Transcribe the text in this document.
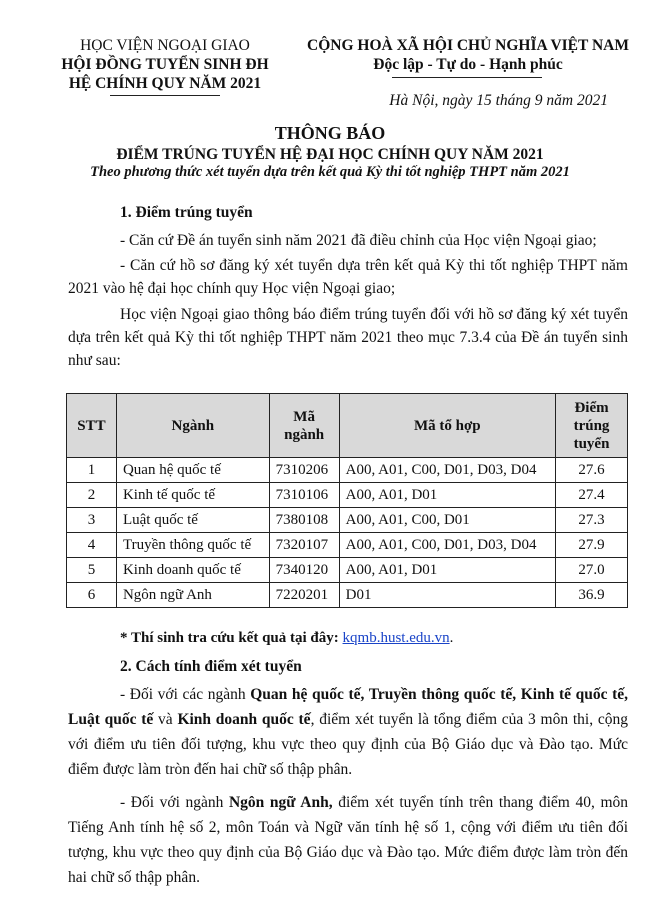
HỌC VIỆN NGOẠI GIAO
HỘI ĐỒNG TUYỂN SINH ĐH
HỆ CHÍNH QUY NĂM 2021
CỘNG HOÀ XÃ HỘI CHỦ NGHĨA VIỆT NAM
Độc lập - Tự do - Hạnh phúc
Hà Nội, ngày 15 tháng 9 năm 2021
THÔNG BÁO
ĐIỂM TRÚNG TUYỂN HỆ ĐẠI HỌC CHÍNH QUY NĂM 2021
Theo phương thức xét tuyển dựa trên kết quả Kỳ thi tốt nghiệp THPT năm 2021
1. Điểm trúng tuyển
- Căn cứ Đề án tuyển sinh năm 2021 đã điều chỉnh của Học viện Ngoại giao;
- Căn cứ hồ sơ đăng ký xét tuyển dựa trên kết quả Kỳ thi tốt nghiệp THPT năm 2021 vào hệ đại học chính quy Học viện Ngoại giao;
Học viện Ngoại giao thông báo điểm trúng tuyển đối với hồ sơ đăng ký xét tuyển dựa trên kết quả Kỳ thi tốt nghiệp THPT năm 2021 theo mục 7.3.4 của Đề án tuyển sinh như sau:
STT	Ngành	Mã ngành	Mã tổ hợp	Điểm trúng tuyển
1	Quan hệ quốc tế	7310206	A00, A01, C00, D01, D03, D04	27.6
2	Kinh tế quốc tế	7310106	A00, A01, D01	27.4
3	Luật quốc tế	7380108	A00, A01, C00, D01	27.3
4	Truyền thông quốc tế	7320107	A00, A01, C00, D01, D03, D04	27.9
5	Kinh doanh quốc tế	7340120	A00, A01, D01	27.0
6	Ngôn ngữ Anh	7220201	D01	36.9
* Thí sinh tra cứu kết quả tại đây: kqmb.hust.edu.vn.
2. Cách tính điểm xét tuyển
- Đối với các ngành Quan hệ quốc tế, Truyền thông quốc tế, Kinh tế quốc tế, Luật quốc tế và Kinh doanh quốc tế, điểm xét tuyển là tổng điểm của 3 môn thi, cộng với điểm ưu tiên đối tượng, khu vực theo quy định của Bộ Giáo dục và Đào tạo. Mức điểm được làm tròn đến hai chữ số thập phân.
- Đối với ngành Ngôn ngữ Anh, điểm xét tuyển tính trên thang điểm 40, môn Tiếng Anh tính hệ số 2, môn Toán và Ngữ văn tính hệ số 1, cộng với điểm ưu tiên đối tượng, khu vực theo quy định của Bộ Giáo dục và Đào tạo. Mức điểm được làm tròn đến hai chữ số thập phân.
